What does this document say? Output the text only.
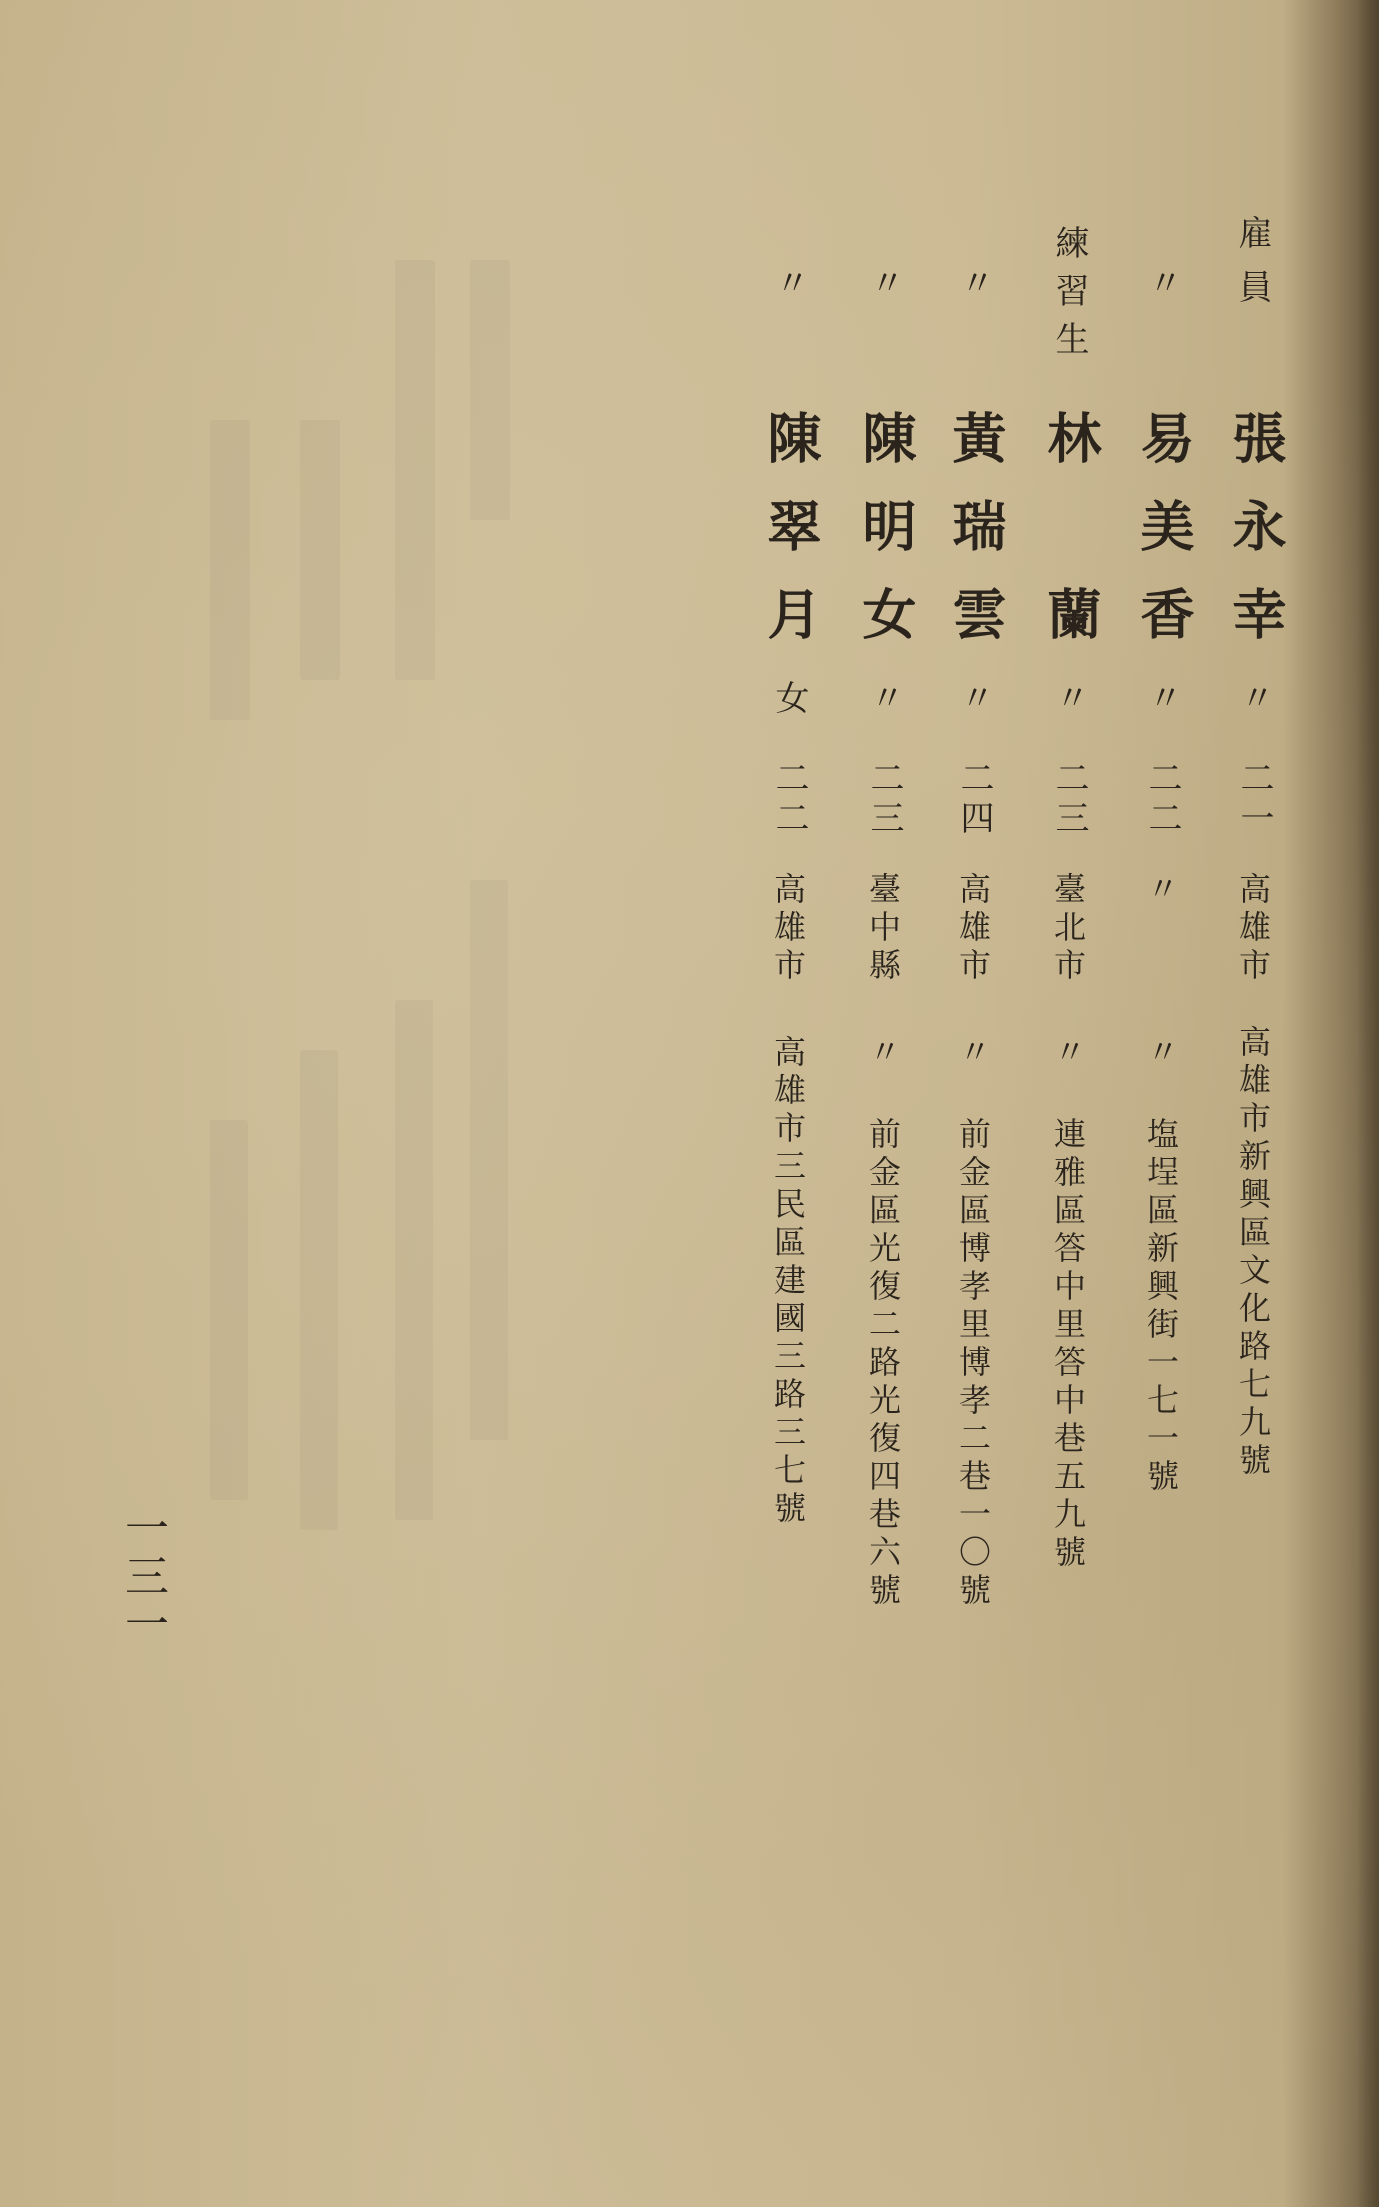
雇員
張永幸
〃
二一
高雄市
高雄市新興區文化路七九號
〃
易美香
〃
二二
〃
〃 塩埕區新興街一七一號
練習生
林　蘭
〃
二三
臺北市
〃 連雅區答中里答中巷五九號
〃
黃瑞雲
〃
二四
高雄市
〃 前金區博孝里博孝二巷一〇號
〃
陳明女
〃
二三
臺中縣
〃 前金區光復二路光復四巷六號
〃
陳翠月
女
二二
高雄市
高雄市三民區建國三路三七號
一三一
